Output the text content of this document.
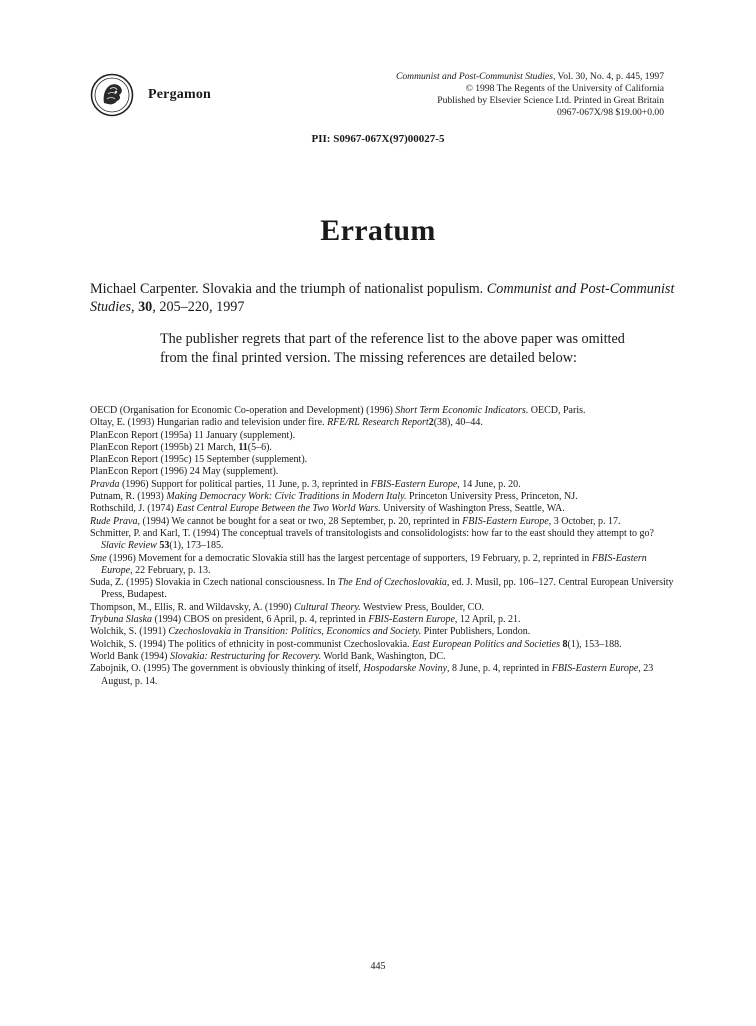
Pergamon
Communist and Post-Communist Studies, Vol. 30, No. 4, p. 445, 1997
© 1998 The Regents of the University of California
Published by Elsevier Science Ltd. Printed in Great Britain
0967-067X/98 $19.00+0.00
PII: S0967-067X(97)00027-5
Erratum
Michael Carpenter. Slovakia and the triumph of nationalist populism. Communist and Post-Communist Studies, 30, 205–220, 1997
The publisher regrets that part of the reference list to the above paper was omitted from the final printed version. The missing references are detailed below:
OECD (Organisation for Economic Co-operation and Development) (1996) Short Term Economic Indicators. OECD, Paris.
Oltay, E. (1993) Hungarian radio and television under fire. RFE/RL Research Report2(38), 40–44.
PlanEcon Report (1995a) 11 January (supplement).
PlanEcon Report (1995b) 21 March, 11(5–6).
PlanEcon Report (1995c) 15 September (supplement).
PlanEcon Report (1996) 24 May (supplement).
Pravda (1996) Support for political parties, 11 June, p. 3, reprinted in FBIS-Eastern Europe, 14 June, p. 20.
Putnam, R. (1993) Making Democracy Work: Civic Traditions in Modern Italy. Princeton University Press, Princeton, NJ.
Rothschild, J. (1974) East Central Europe Between the Two World Wars. University of Washington Press, Seattle, WA.
Rude Prava, (1994) We cannot be bought for a seat or two, 28 September, p. 20, reprinted in FBIS-Eastern Europe, 3 October, p. 17.
Schmitter, P. and Karl, T. (1994) The conceptual travels of transitologists and consolidologists: how far to the east should they attempt to go? Slavic Review 53(1), 173–185.
Sme (1996) Movement for a democratic Slovakia still has the largest percentage of supporters, 19 February, p. 2, reprinted in FBIS-Eastern Europe, 22 February, p. 13.
Suda, Z. (1995) Slovakia in Czech national consciousness. In The End of Czechoslovakia, ed. J. Musil, pp. 106–127. Central European University Press, Budapest.
Thompson, M., Ellis, R. and Wildavsky, A. (1990) Cultural Theory. Westview Press, Boulder, CO.
Trybuna Slaska (1994) CBOS on president, 6 April, p. 4, reprinted in FBIS-Eastern Europe, 12 April, p. 21.
Wolchik, S. (1991) Czechoslovakia in Transition: Politics, Economics and Society. Pinter Publishers, London.
Wolchik, S. (1994) The politics of ethnicity in post-communist Czechoslovakia. East European Politics and Societies 8(1), 153–188.
World Bank (1994) Slovakia: Restructuring for Recovery. World Bank, Washington, DC.
Zabojnik, O. (1995) The government is obviously thinking of itself, Hospodarske Noviny, 8 June, p. 4, reprinted in FBIS-Eastern Europe, 23 August, p. 14.
445
